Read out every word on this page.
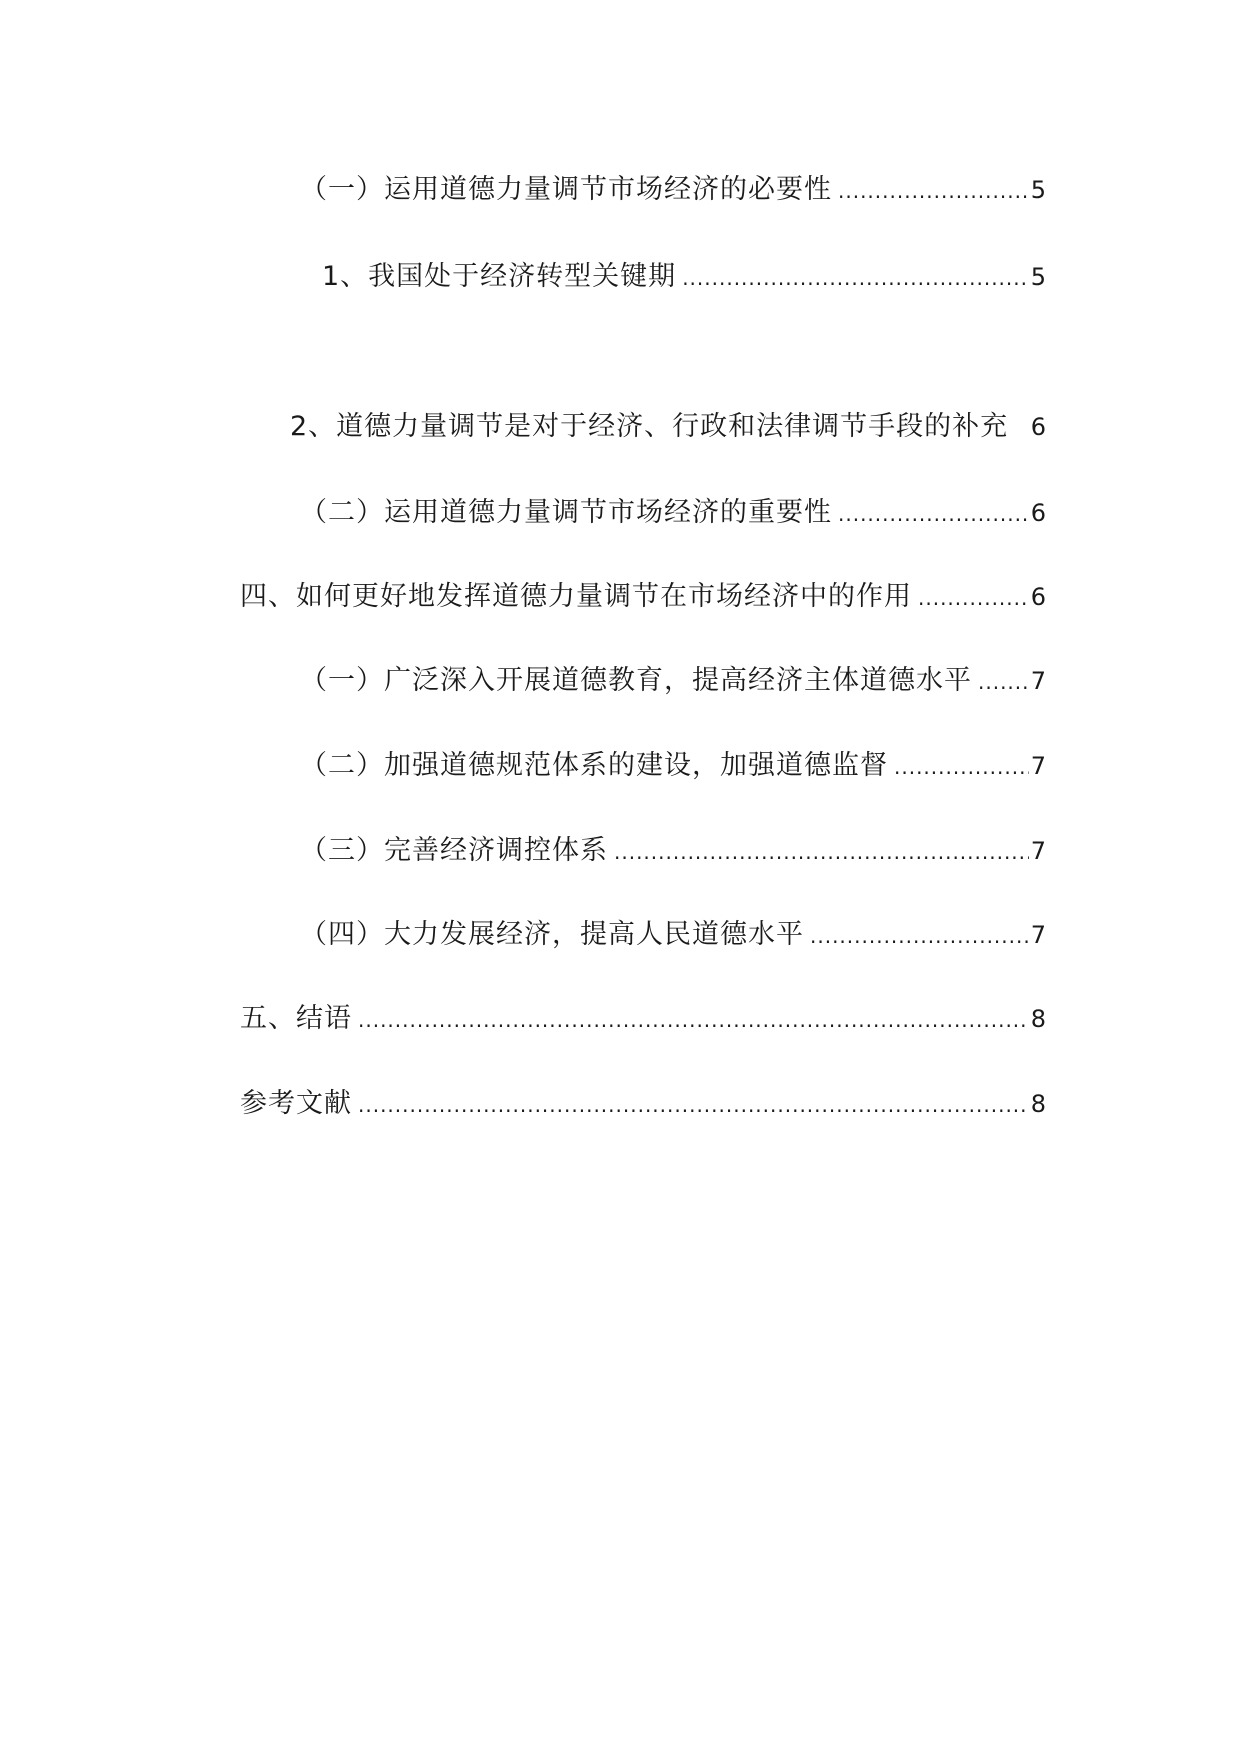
（一）运用道德力量调节市场经济的必要性 .....	5
1、我国处于经济转型关键期 .....	5
2、道德力量调节是对于经济、行政和法律调节手段的补充 6
（二）运用道德力量调节市场经济的重要性 .....	6
四、如何更好地发挥道德力量调节在市场经济中的作用 .....	6
（一）广泛深入开展道德教育，提高经济主体道德水平 ..... 7
（二）加强道德规范体系的建设，加强道德监督 .....	7
（三）完善经济调控体系 .....	7
（四）大力发展经济，提高人民道德水平 .....	7
五、结语 .....	8
参考文献 .....	8
